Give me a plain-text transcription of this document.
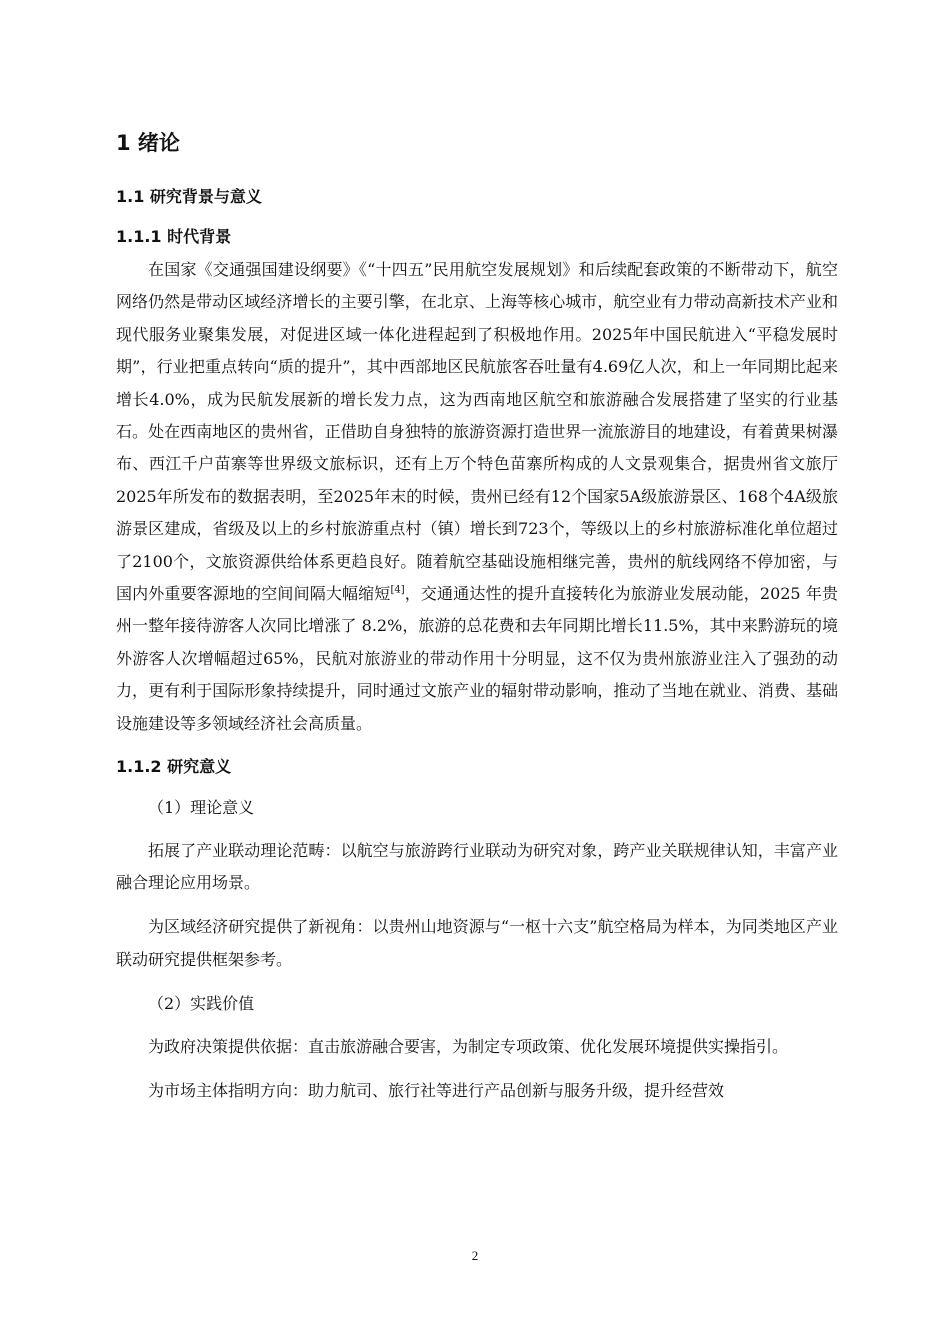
1 绪论
1.1 研究背景与意义
1.1.1 时代背景

在国家《交通强国建设纲要》《“十四五”民用航空发展规划》和后续配套政策的不断带动下，航空网络仍然是带动区域经济增长的主要引擎，在北京、上海等核心城市，航空业有力带动高新技术产业和现代服务业聚集发展，对促进区域一体化进程起到了积极地作用。2025年中国民航进入“平稳发展时期”，行业把重点转向“质的提升”，其中西部地区民航旅客吞吐量有4.69亿人次，和上一年同期比起来增长4.0%，成为民航发展新的增长发力点，这为西南地区航空和旅游融合发展搭建了坚实的行业基石。处在西南地区的贵州省，正借助自身独特的旅游资源打造世界一流旅游目的地建设，有着黄果树瀑布、西江千户苗寨等世界级文旅标识，还有上万个特色苗寨所构成的人文景观集合，据贵州省文旅厅2025年所发布的数据表明，至2025年末的时候，贵州已经有12个国家5A级旅游景区、168个4A级旅游景区建成，省级及以上的乡村旅游重点村（镇）增长到723个，等级以上的乡村旅游标准化单位超过了2100个，文旅资源供给体系更趋良好。随着航空基础设施相继完善，贵州的航线网络不停加密，与国内外重要客源地的空间间隔大幅缩短[4]，交通通达性的提升直接转化为旅游业发展动能，2025 年贵州一整年接待游客人次同比增涨了 8.2%，旅游的总花费和去年同期比增长11.5%，其中来黔游玩的境外游客人次增幅超过65%，民航对旅游业的带动作用十分明显，这不仅为贵州旅游业注入了强劲的动力，更有利于国际形象持续提升，同时通过文旅产业的辐射带动影响，推动了当地在就业、消费、基础设施建设等多领域经济社会高质量。

1.1.2 研究意义

（1）理论意义

拓展了产业联动理论范畴：以航空与旅游跨行业联动为研究对象，跨产业关联规律认知，丰富产业融合理论应用场景。

为区域经济研究提供了新视角：以贵州山地资源与“一枢十六支”航空格局为样本，为同类地区产业联动研究提供框架参考。

（2）实践价值

为政府决策提供依据：直击旅游融合要害，为制定专项政策、优化发展环境提供实操指引。

为市场主体指明方向：助力航司、旅行社等进行产品创新与服务升级，提升经营效

2
